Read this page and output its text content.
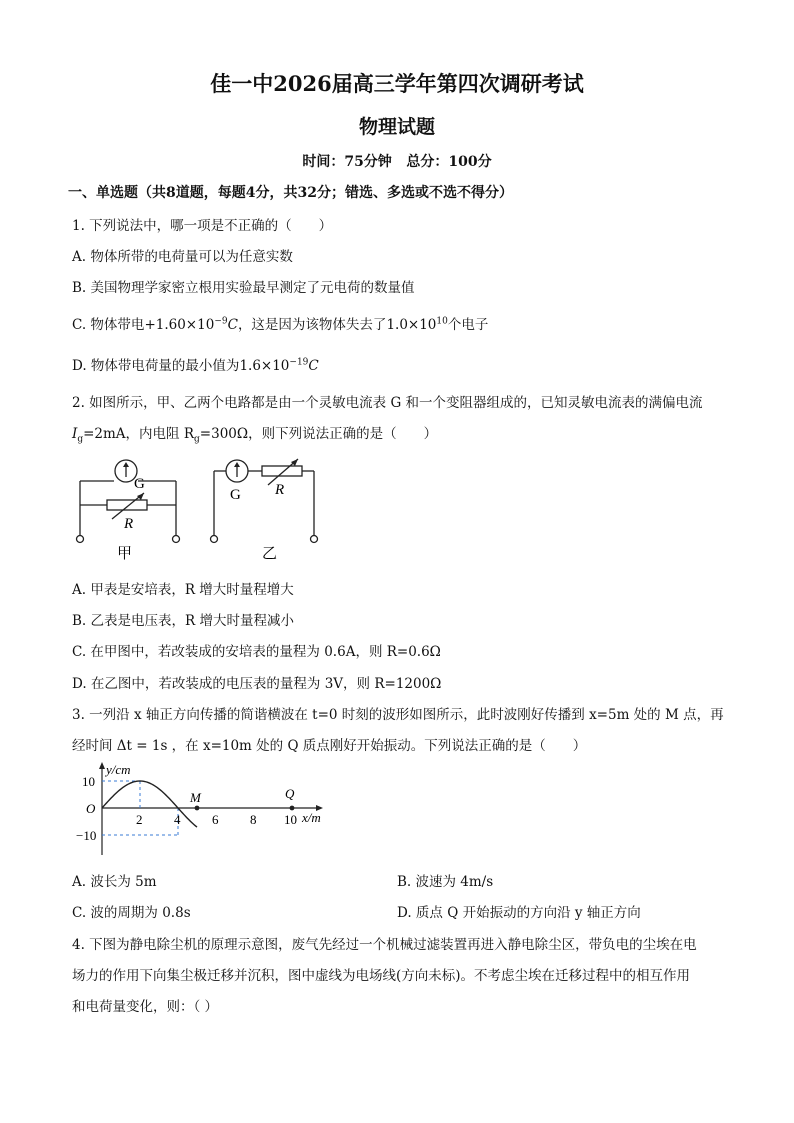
佳一中2026届高三学年第四次调研考试
物理试题
时间：75分钟   总分：100分
一、单选题（共8道题，每题4分，共32分；错选、多选或不选不得分）
1. 下列说法中，哪一项是不正确的（　　）
A. 物体所带的电荷量可以为任意实数
B. 美国物理学家密立根用实验最早测定了元电荷的数量值
C. 物体带电$+1.60\times 10^{-9}C$，这是因为该物体失去了$1.0\times 10^{10}$个电子
D. 物体带电荷量的最小值为$1.6\times 10^{-19}C$
2. 如图所示，甲、乙两个电路都是由一个灵敏电流表 G 和一个变阻器组成的，已知灵敏电流表的满偏电流
$I_g=2mA$，内电阻 $R_g=300\Omega$，则下列说法正确的是（　　）
G
R
甲
G R
乙
A. 甲表是安培表，R 增大时量程增大
B. 乙表是电压表，R 增大时量程减小
C. 在甲图中，若改装成的安培表的量程为 0.6A，则 R=0.6Ω
D. 在乙图中，若改装成的电压表的量程为 3V，则 R=1200Ω
3. 一列沿 x 轴正方向传播的简谐横波在 t=0 时刻的波形如图所示，此时波刚好传播到 x=5m 处的 M 点，再
经时间 Δt = 1s ，在 x=10m 处的 Q 质点刚好开始振动。下列说法正确的是（　　）
y/cm
x/m
O
10
−10
2 4 6 8 10
M	Q
A. 波长为 5m	B. 波速为 4m/s
C. 波的周期为 0.8s	D. 质点 Q 开始振动的方向沿 y 轴正方向
4. 下图为静电除尘机的原理示意图，废气先经过一个机械过滤装置再进入静电除尘区，带负电的尘埃在电
场力的作用下向集尘极迁移并沉积，图中虚线为电场线(方向未标)。不考虑尘埃在迁移过程中的相互作用
和电荷量变化，则：（ ）
